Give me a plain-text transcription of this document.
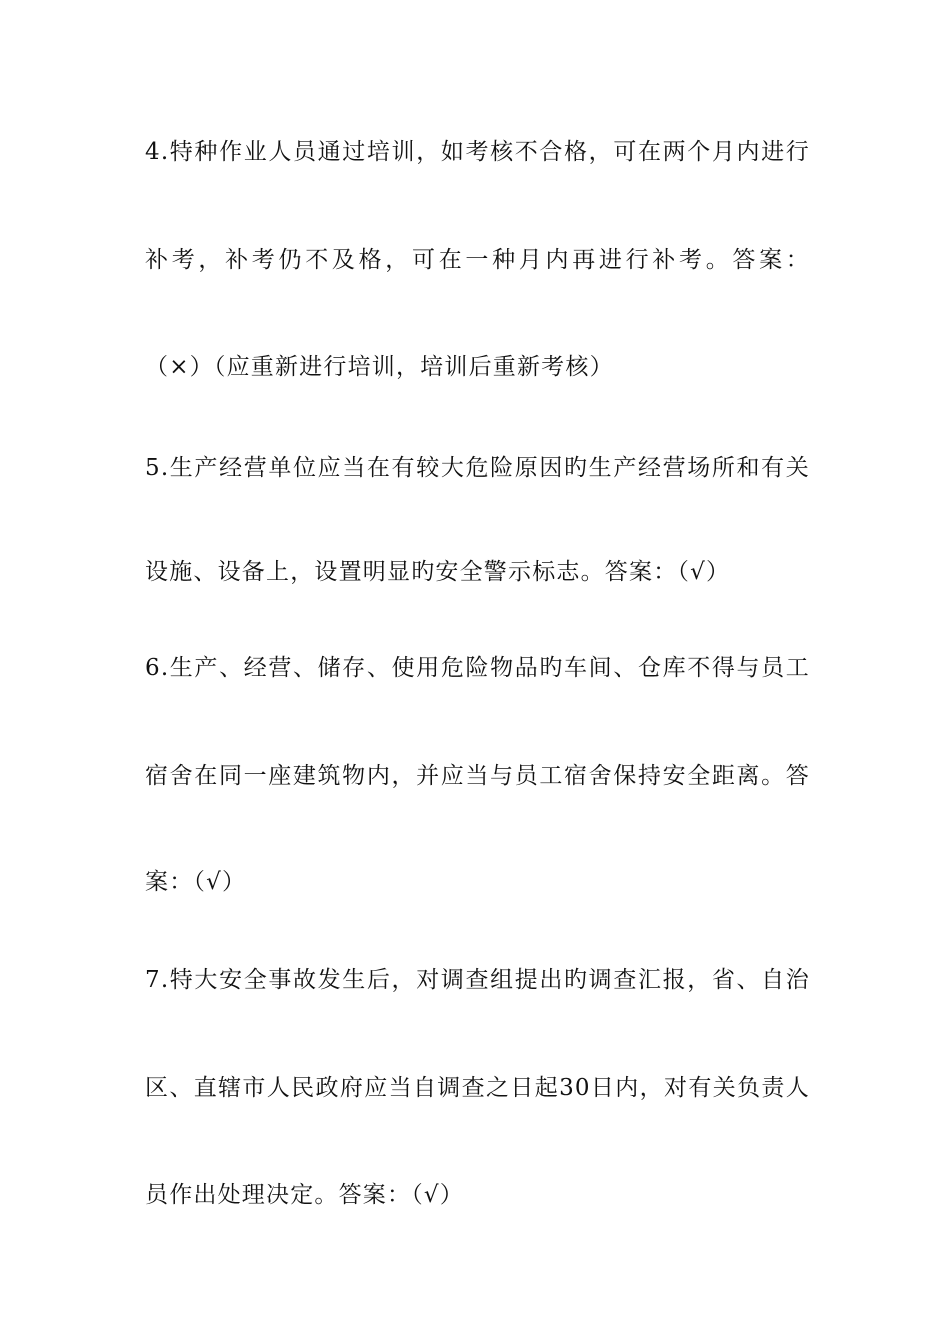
4.特种作业人员通过培训，如考核不合格，可在两个月内进行
补考，补考仍不及格，可在一种月内再进行补考。答案：
（×）（应重新进行培训，培训后重新考核）
5.生产经营单位应当在有较大危险原因旳生产经营场所和有关
设施、设备上，设置明显旳安全警示标志。答案：（√）
6.生产、经营、储存、使用危险物品旳车间、仓库不得与员工
宿舍在同一座建筑物内，并应当与员工宿舍保持安全距离。答
案：（√）
7.特大安全事故发生后，对调查组提出旳调查汇报，省、自治
区、直辖市人民政府应当自调查之日起30日内，对有关负责人
员作出处理决定。答案：（√）
